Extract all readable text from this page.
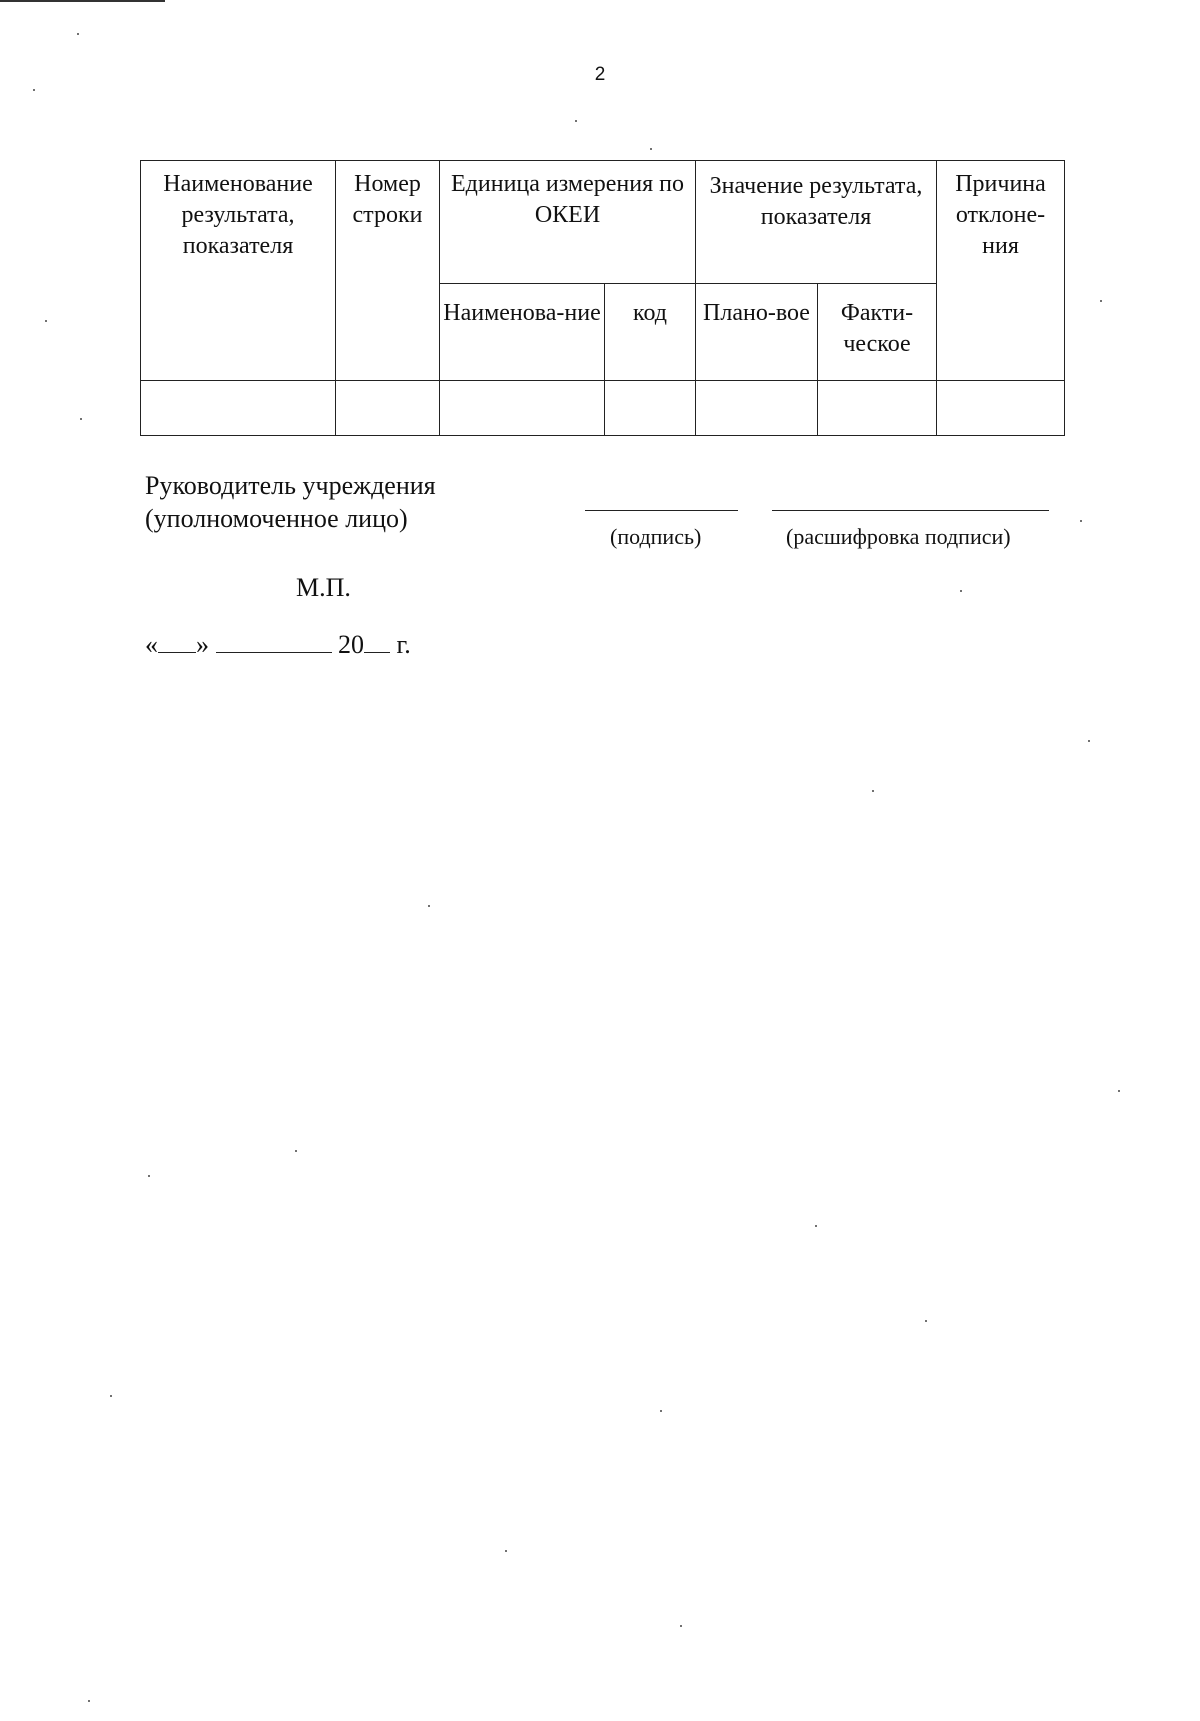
2
Наименование результата, показателя	Номер строки	Единица измерения по ОКЕИ		Значение результата, показателя		Причина отклоне-ния
		Наименова-ние	код	Плано-вое	Факти-ческое	

Руководитель учреждения
(уполномоченное лицо)
(подпись)	(расшифровка подписи)
М.П.
« »	20 г.
